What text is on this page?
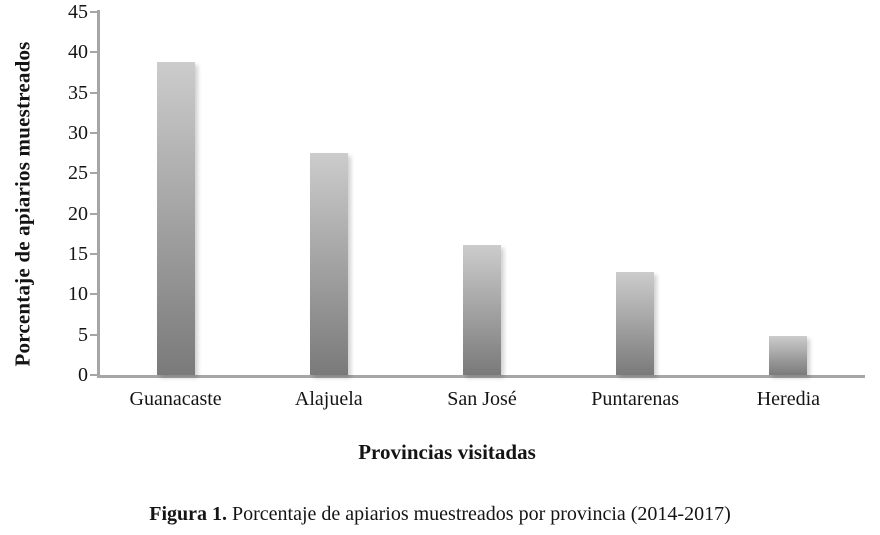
Porcentaje de apiarios muestreados
0
5
10
15
20
25
30
35
40
45
Guanacaste	Alajuela	San José	Puntarenas	Heredia
Provincias visitadas
Figura 1. Porcentaje de apiarios muestreados por provincia (2014-2017)
